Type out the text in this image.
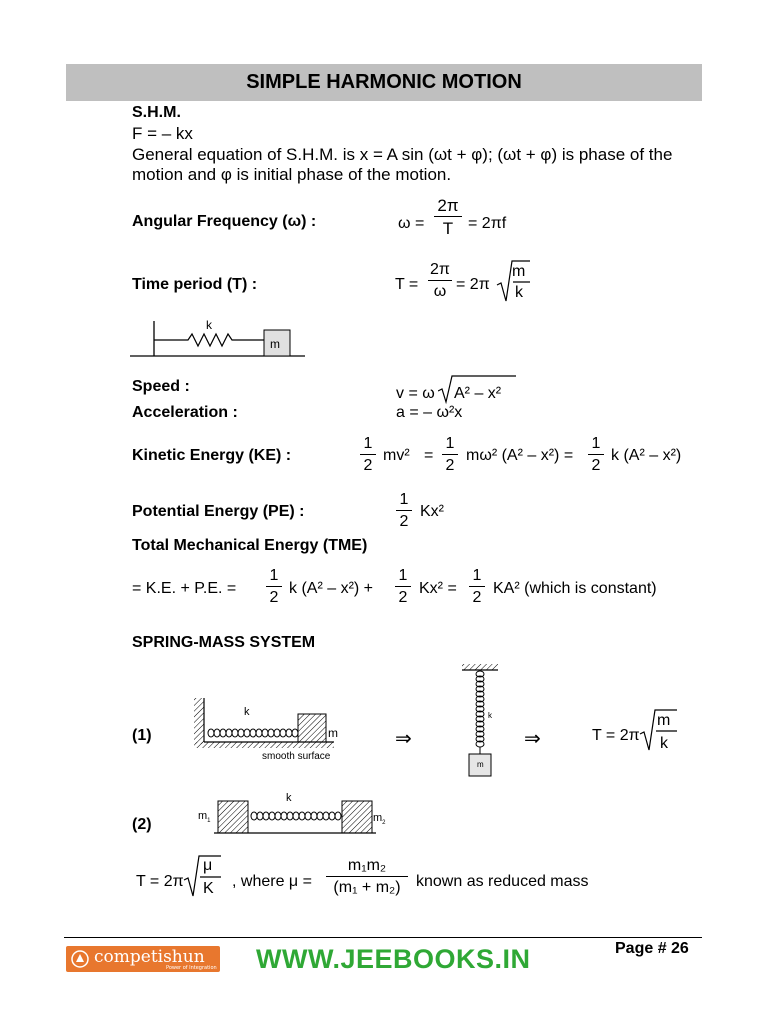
SIMPLE HARMONIC MOTION
S.H.M.
F = – kx
General equation of S.H.M. is x = A sin (ωt + φ); (ωt + φ) is phase of the
motion and φ is initial phase of the motion.
Angular Frequency (ω) :	$\omega = \frac{2\pi}{T} = 2\pi f$
Time period (T) :	$T = \frac{2\pi}{\omega} = 2\pi$
m
k
k
m
Speed :	v = ω A² – x²
Acceleration :	a = – ω²x
Kinetic Energy (KE) :	$\frac{1}{2} mv^2 = \frac{1}{2} m\omega^2$ $(A^2 - x^2) = \frac{1}{2}$ k (A² – x²)
Potential Energy (PE) :	$\frac{1}{2} Kx^2$
Total Mechanical Energy (TME)
= K.E. + P.E. = $\frac{1}{2}$ k $(A^2 - x^2) + \frac{1}{2} Kx^2 = \frac{1}{2} KA^2$ (which is constant)
SPRING-MASS SYSTEM
(1)
k
m
smooth surface
⇒
k
m
⇒	T = 2π
m
k
(2)	$m_1$	$m_2$
k
T = 2π
μ
K , where $\mu = \frac{\text{m₁m₂}}{\text{(m₁ + m₂)}}$ known as reduced mass
competishun
Power of Integration WWW.JEEBOOKS.IN	Page # 26
